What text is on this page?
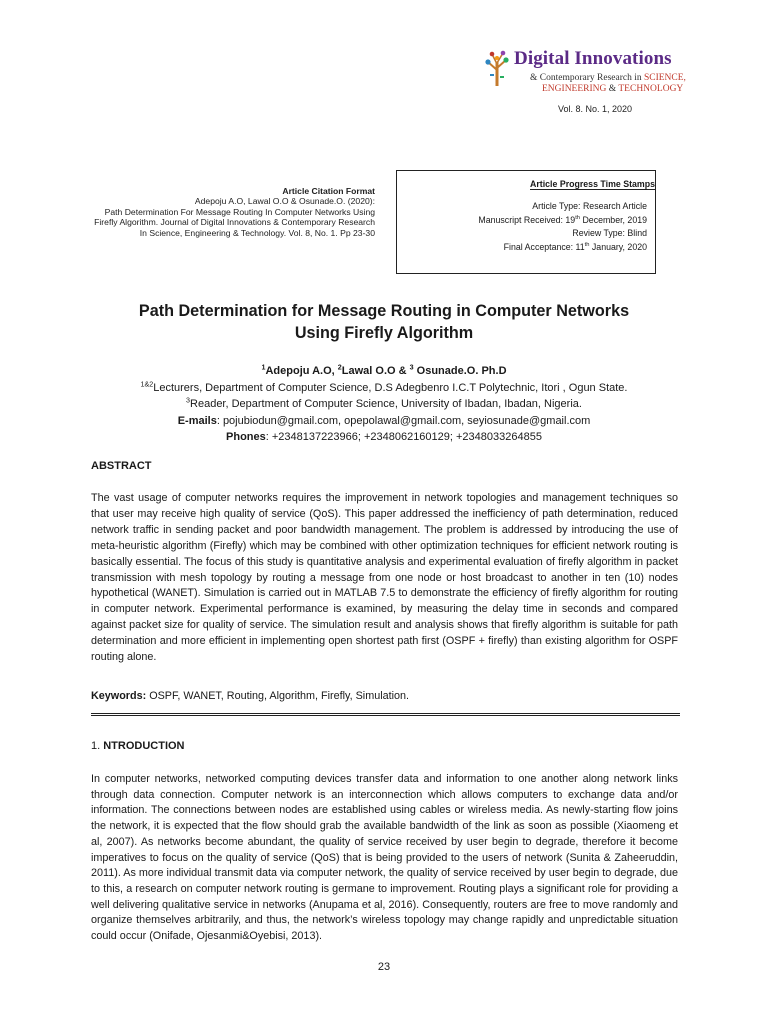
Digital Innovations
& Contemporary Research in SCIENCE,
ENGINEERING & TECHNOLOGY
Vol. 8. No. 1, 2020
Article Citation Format
Adepoju A.O, Lawal O.O & Osunade.O. (2020):
Path Determination For Message Routing In Computer Networks Using
Firefly Algorithm. Journal of Digital Innovations & Contemporary Research
In Science, Engineering & Technology. Vol. 8, No. 1. Pp 23-30
Article Progress Time Stamps
Article Type: Research Article
Manuscript Received: 19th December, 2019
Review Type: Blind
Final Acceptance: 11th January, 2020
Path Determination for Message Routing in Computer Networks
Using Firefly Algorithm
$^1$Adepoju A.O, $^2$Lawal O.O & $^3$ Osunade.O. Ph.D
$^{1\&2}$Lecturers, Department of Computer Science, D.S Adegbenro I.C.T Polytechnic, Itori , Ogun State.
$^3$Reader, Department of Computer Science, University of Ibadan, Ibadan, Nigeria.
E-mails: pojubiodun@gmail.com, opepolawal@gmail.com, seyiosunade@gmail.com
Phones: +2348137223966; +2348062160129; +2348033264855
ABSTRACT
The vast usage of computer networks requires the improvement in network topologies and management techniques so that user may receive high quality of service (QoS). This paper addressed the inefficiency of path determination, reduced network traffic in sending packet and poor bandwidth management. The problem is addressed by introducing the use of meta-heuristic algorithm (Firefly) which may be combined with other optimization techniques for efficient network routing is basically essential. The focus of this study is quantitative analysis and experimental evaluation of firefly algorithm in packet transmission with mesh topology by routing a message from one node or host broadcast to another in ten (10) nodes hypothetical (WANET). Simulation is carried out in MATLAB 7.5 to demonstrate the efficiency of firefly algorithm for routing in computer network. Experimental performance is examined, by measuring the delay time in seconds and compared against packet size for quality of service. The simulation result and analysis shows that firefly algorithm is suitable for path determination and more efficient in implementing open shortest path first (OSPF + firefly) than existing algorithm for OSPF routing alone.
Keywords: OSPF, WANET, Routing, Algorithm, Firefly, Simulation.
1. NTRODUCTION
In computer networks, networked computing devices transfer data and information to one another along network links through data connection. Computer network is an interconnection which allows computers to exchange data and/or information. The connections between nodes are established using cables or wireless media. As newly-starting flow joins the network, it is expected that the flow should grab the available bandwidth of the link as soon as possible (Xiaomeng et al, 2007). As networks become abundant, the quality of service received by user begin to degrade, therefore it become imperatives to focus on the quality of service (QoS) that is being provided to the users of network (Sunita & Zaheeruddin, 2011). As more individual transmit data via computer network, the quality of service received by user begin to degrade, due to this, a research on computer network routing is germane to improvement. Routing plays a significant role for providing a well delivering qualitative service in networks (Anupama et al, 2016). Consequently, routers are free to move randomly and organize themselves arbitrarily, and thus, the network’s wireless topology may change rapidly and unpredictable situation could occur (Onifade, Ojesanmi&Oyebisi, 2013).
23
